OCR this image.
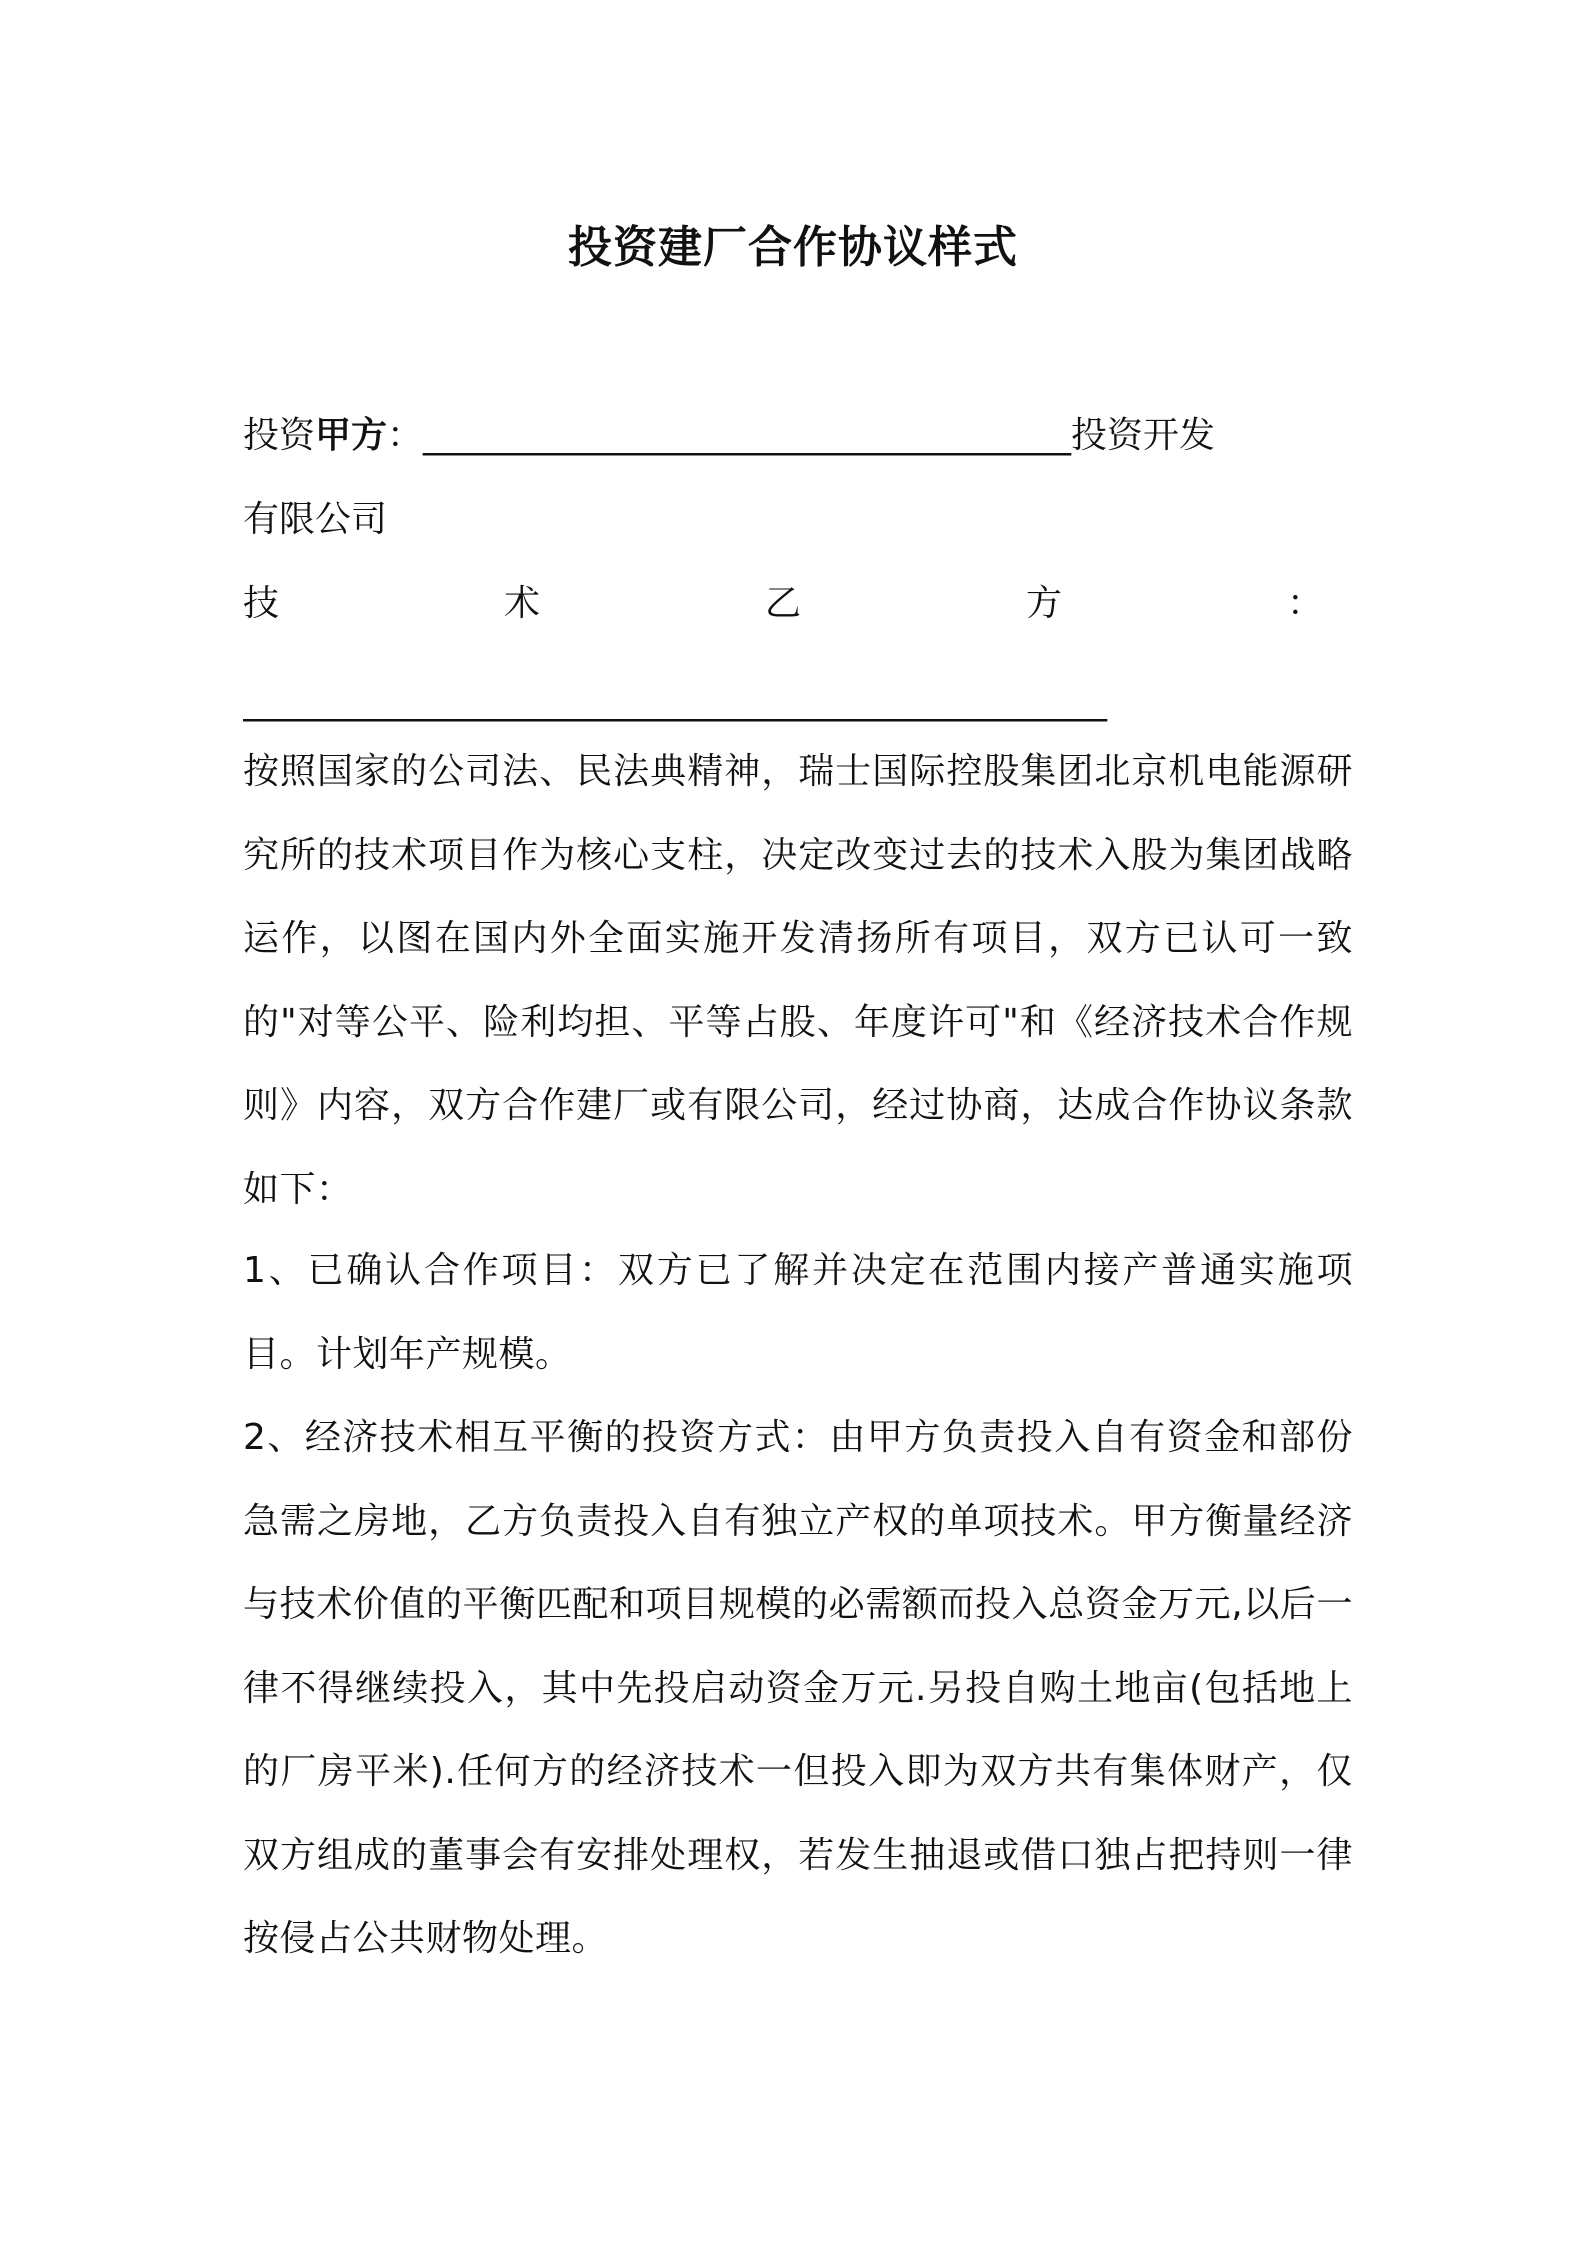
投资建厂合作协议样式
投资甲方：____________________________________投资开发
有限公司
技	术	乙	方	：
________________________________________________
按照国家的公司法、民法典精神，瑞士国际控股集团北京机电能源研究所的技术项目作为核心支柱，决定改变过去的技术入股为集团战略运作，以图在国内外全面实施开发清扬所有项目，双方已认可一致的"对等公平、险利均担、平等占股、年度许可"和《经济技术合作规则》内容，双方合作建厂或有限公司，经过协商，达成合作协议条款如下：
1、已确认合作项目：双方已了解并决定在范围内接产普通实施项目。计划年产规模。
2、经济技术相互平衡的投资方式：由甲方负责投入自有资金和部份急需之房地，乙方负责投入自有独立产权的单项技术。甲方衡量经济与技术价值的平衡匹配和项目规模的必需额而投入总资金万元,以后一律不得继续投入，其中先投启动资金万元.另投自购土地亩(包括地上的厂房平米).任何方的经济技术一但投入即为双方共有集体财产，仅双方组成的董事会有安排处理权，若发生抽退或借口独占把持则一律按侵占公共财物处理。
